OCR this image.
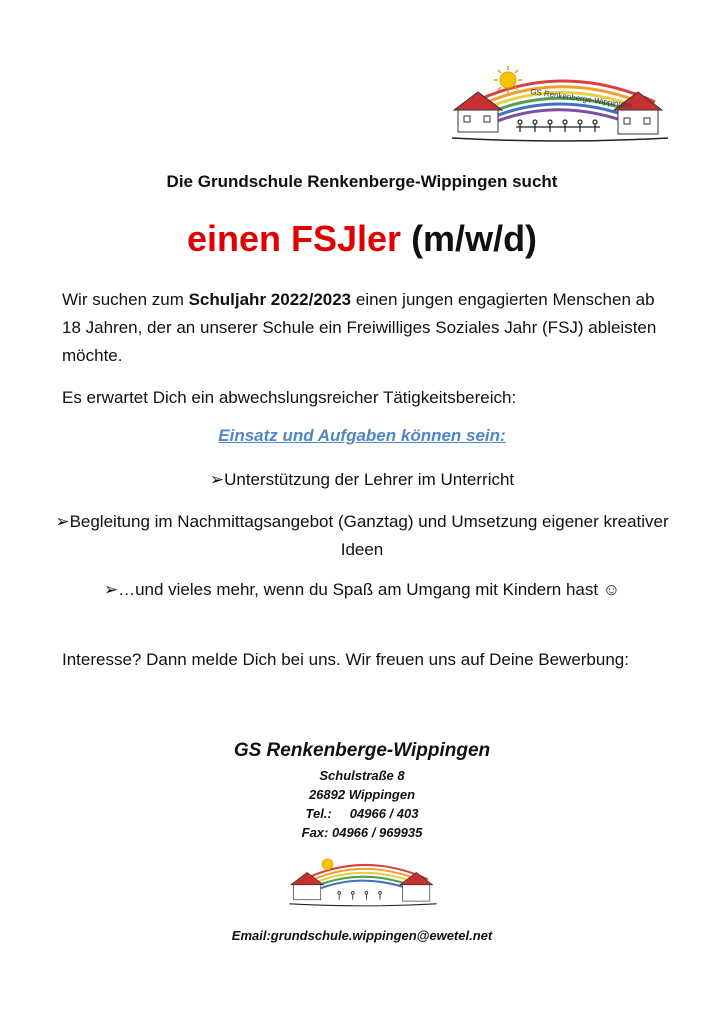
GS Renkenberge-Wippingen
Die Grundschule Renkenberge-Wippingen sucht
einen FSJler (m/w/d)
Wir suchen zum Schuljahr 2022/2023 einen jungen engagierten Menschen ab 18 Jahren, der an unserer Schule ein Freiwilliges Soziales Jahr (FSJ) ableisten möchte.
Es erwartet Dich ein abwechslungsreicher Tätigkeitsbereich:
Einsatz und Aufgaben können sein:
➢Unterstützung der Lehrer im Unterricht
➢Begleitung im Nachmittagsangebot (Ganztag) und Umsetzung eigener kreativer Ideen
➢…und vieles mehr, wenn du Spaß am Umgang mit Kindern hast ☺
Interesse? Dann melde Dich bei uns. Wir freuen uns auf Deine Bewerbung:
GS Renkenberge-Wippingen
Schulstraße 8
26892 Wippingen
Tel.:     04966 / 403
Fax: 04966 / 969935
Email:grundschule.wippingen@ewetel.net
